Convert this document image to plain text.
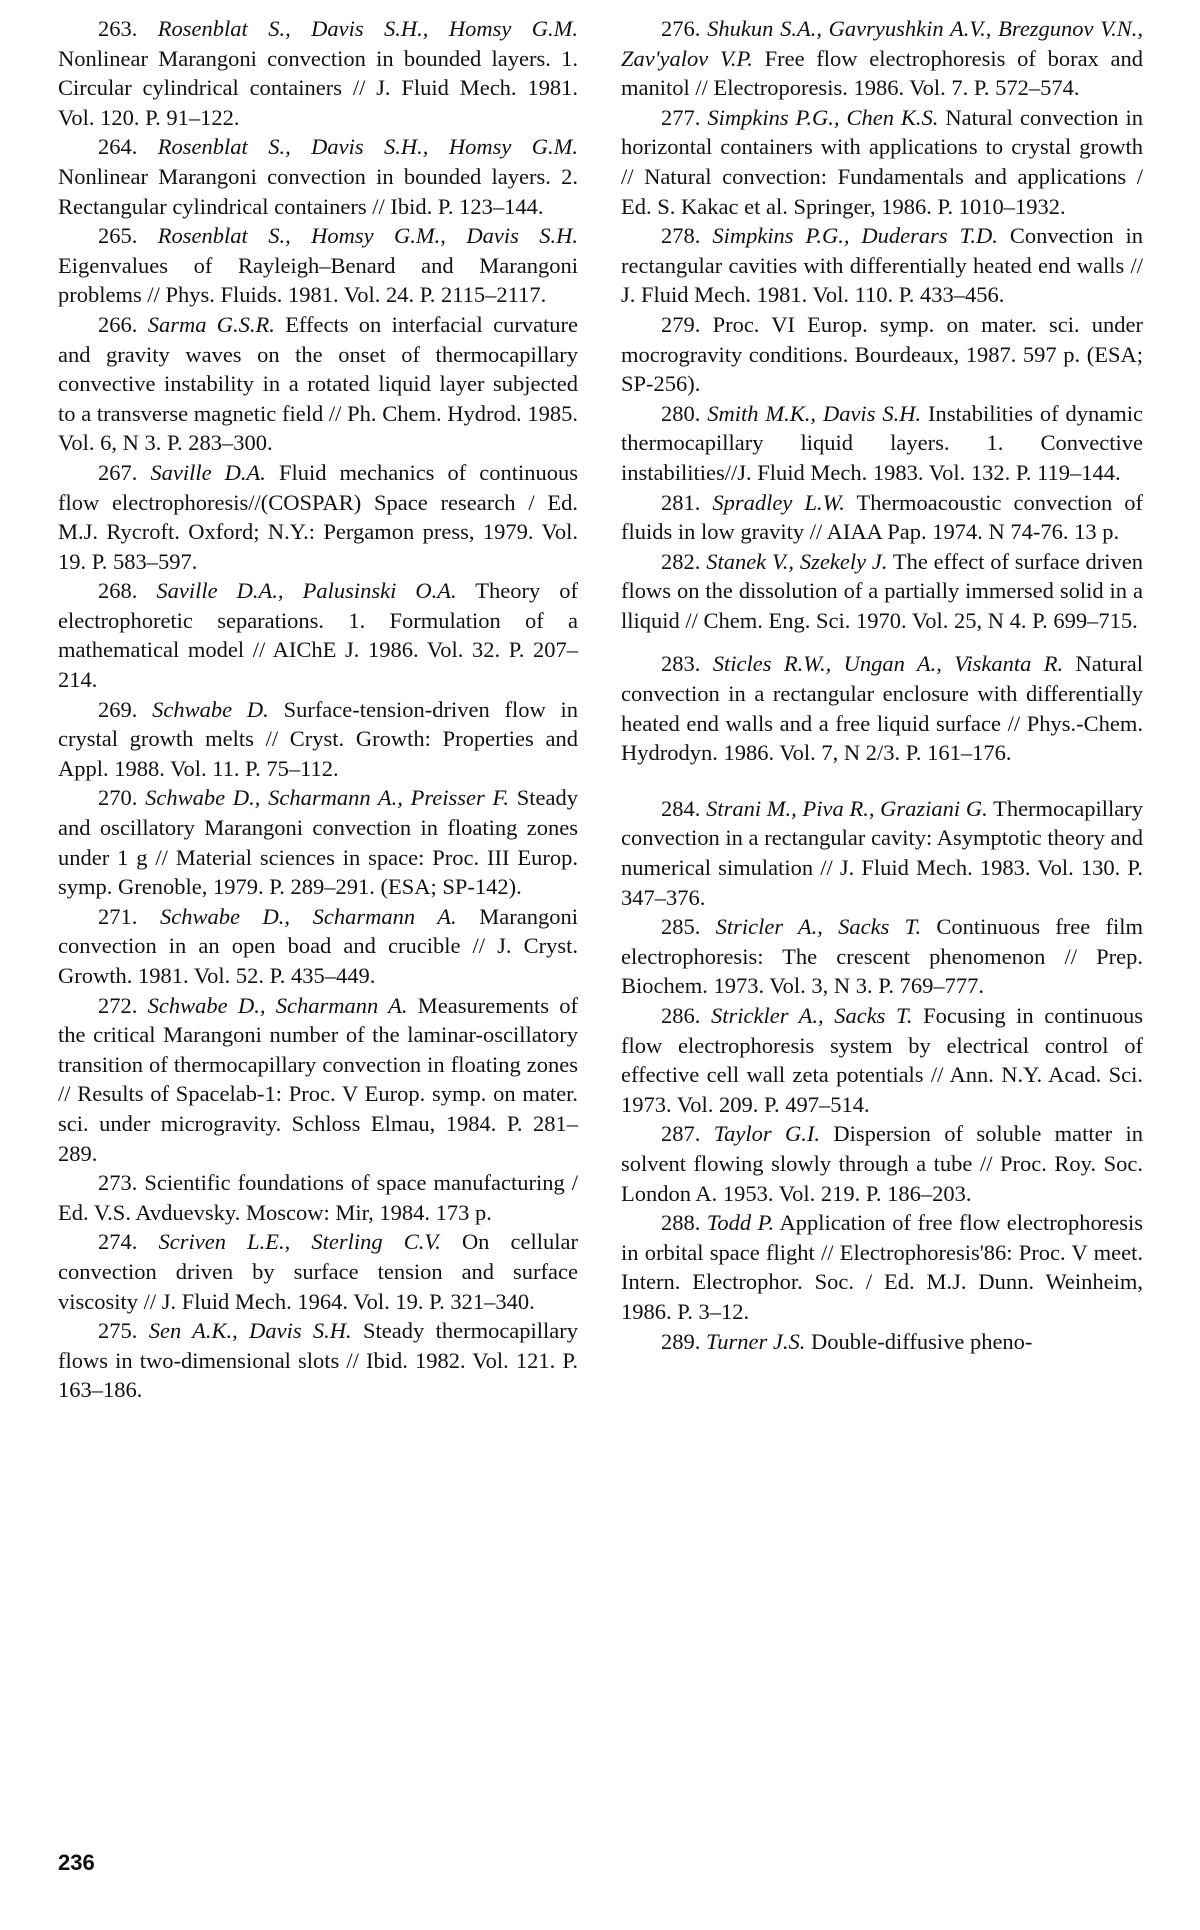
263. Rosenblat S., Davis S.H., Homsy G.M. Nonlinear Marangoni convection in bounded layers. 1. Circular cylindrical containers // J. Fluid Mech. 1981. Vol. 120. P. 91–122.

264. Rosenblat S., Davis S.H., Homsy G.M. Nonlinear Marangoni convection in bounded layers. 2. Rectangular cylindrical containers // Ibid. P. 123–144.

265. Rosenblat S., Homsy G.M., Davis S.H. Eigenvalues of Rayleigh–Benard and Marangoni problems // Phys. Fluids. 1981. Vol. 24. P. 2115–2117.

266. Sarma G.S.R. Effects on interfacial curvature and gravity waves on the onset of thermocapillary convective instability in a rotated liquid layer subjected to a transverse magnetic field // Ph. Chem. Hydrod. 1985. Vol. 6, N 3. P. 283–300.

267. Saville D.A. Fluid mechanics of continuous flow electrophoresis//(COSPAR) Space research / Ed. M.J. Rycroft. Oxford; N.Y.: Pergamon press, 1979. Vol. 19. P. 583–597.

268. Saville D.A., Palusinski O.A. Theory of electrophoretic separations. 1. Formulation of a mathematical model // AIChE J. 1986. Vol. 32. P. 207–214.

269. Schwabe D. Surface-tension-driven flow in crystal growth melts // Cryst. Growth: Properties and Appl. 1988. Vol. 11. P. 75–112.

270. Schwabe D., Scharmann A., Preisser F. Steady and oscillatory Marangoni convection in floating zones under 1 g // Material sciences in space: Proc. III Europ. symp. Grenoble, 1979. P. 289–291. (ESA; SP-142).

271. Schwabe D., Scharmann A. Marangoni convection in an open boad and crucible // J. Cryst. Growth. 1981. Vol. 52. P. 435–449.

272. Schwabe D., Scharmann A. Measurements of the critical Marangoni number of the laminar-oscillatory transition of thermocapillary convection in floating zones // Results of Spacelab-1: Proc. V Europ. symp. on mater. sci. under microgravity. Schloss Elmau, 1984. P. 281–289.

273. Scientific foundations of space manufacturing / Ed. V.S. Avduevsky. Moscow: Mir, 1984. 173 p.

274. Scriven L.E., Sterling C.V. On cellular convection driven by surface tension and surface viscosity // J. Fluid Mech. 1964. Vol. 19. P. 321–340.

275. Sen A.K., Davis S.H. Steady thermocapillary flows in two-dimensional slots // Ibid. 1982. Vol. 121. P. 163–186.

276. Shukun S.A., Gavryushkin A.V., Brezgunov V.N., Zav'yalov V.P. Free flow electrophoresis of borax and manitol // Electroporesis. 1986. Vol. 7. P. 572–574.

277. Simpkins P.G., Chen K.S. Natural convection in horizontal containers with applications to crystal growth // Natural convection: Fundamentals and applications / Ed. S. Kakac et al. Springer, 1986. P. 1010–1932.

278. Simpkins P.G., Duderars T.D. Convection in rectangular cavities with differentially heated end walls // J. Fluid Mech. 1981. Vol. 110. P. 433–456.

279. Proc. VI Europ. symp. on mater. sci. under mocrogravity conditions. Bourdeaux, 1987. 597 p. (ESA; SP-256).

280. Smith M.K., Davis S.H. Instabilities of dynamic thermocapillary liquid layers. 1. Convective instabilities//J. Fluid Mech. 1983. Vol. 132. P. 119–144.

281. Spradley L.W. Thermoacoustic convection of fluids in low gravity // AIAA Pap. 1974. N 74-76. 13 p.

282. Stanek V., Szekely J. The effect of surface driven flows on the dissolution of a partially immersed solid in a lliquid // Chem. Eng. Sci. 1970. Vol. 25, N 4. P. 699–715.

283. Sticles R.W., Ungan A., Viskanta R. Natural convection in a rectangular enclosure with differentially heated end walls and a free liquid surface // Phys.-Chem. Hydrodyn. 1986. Vol. 7, N 2/3. P. 161–176.

284. Strani M., Piva R., Graziani G. Thermocapillary convection in a rectangular cavity: Asymptotic theory and numerical simulation // J. Fluid Mech. 1983. Vol. 130. P. 347–376.

285. Stricler A., Sacks T. Continuous free film electrophoresis: The crescent phenomenon // Prep. Biochem. 1973. Vol. 3, N 3. P. 769–777.

286. Strickler A., Sacks T. Focusing in continuous flow electrophoresis system by electrical control of effective cell wall zeta potentials // Ann. N.Y. Acad. Sci. 1973. Vol. 209. P. 497–514.

287. Taylor G.I. Dispersion of soluble matter in solvent flowing slowly through a tube // Proc. Roy. Soc. London A. 1953. Vol. 219. P. 186–203.

288. Todd P. Application of free flow electrophoresis in orbital space flight // Electrophoresis'86: Proc. V meet. Intern. Electrophor. Soc. / Ed. M.J. Dunn. Weinheim, 1986. P. 3–12.

289. Turner J.S. Double-diffusive pheno-

236
